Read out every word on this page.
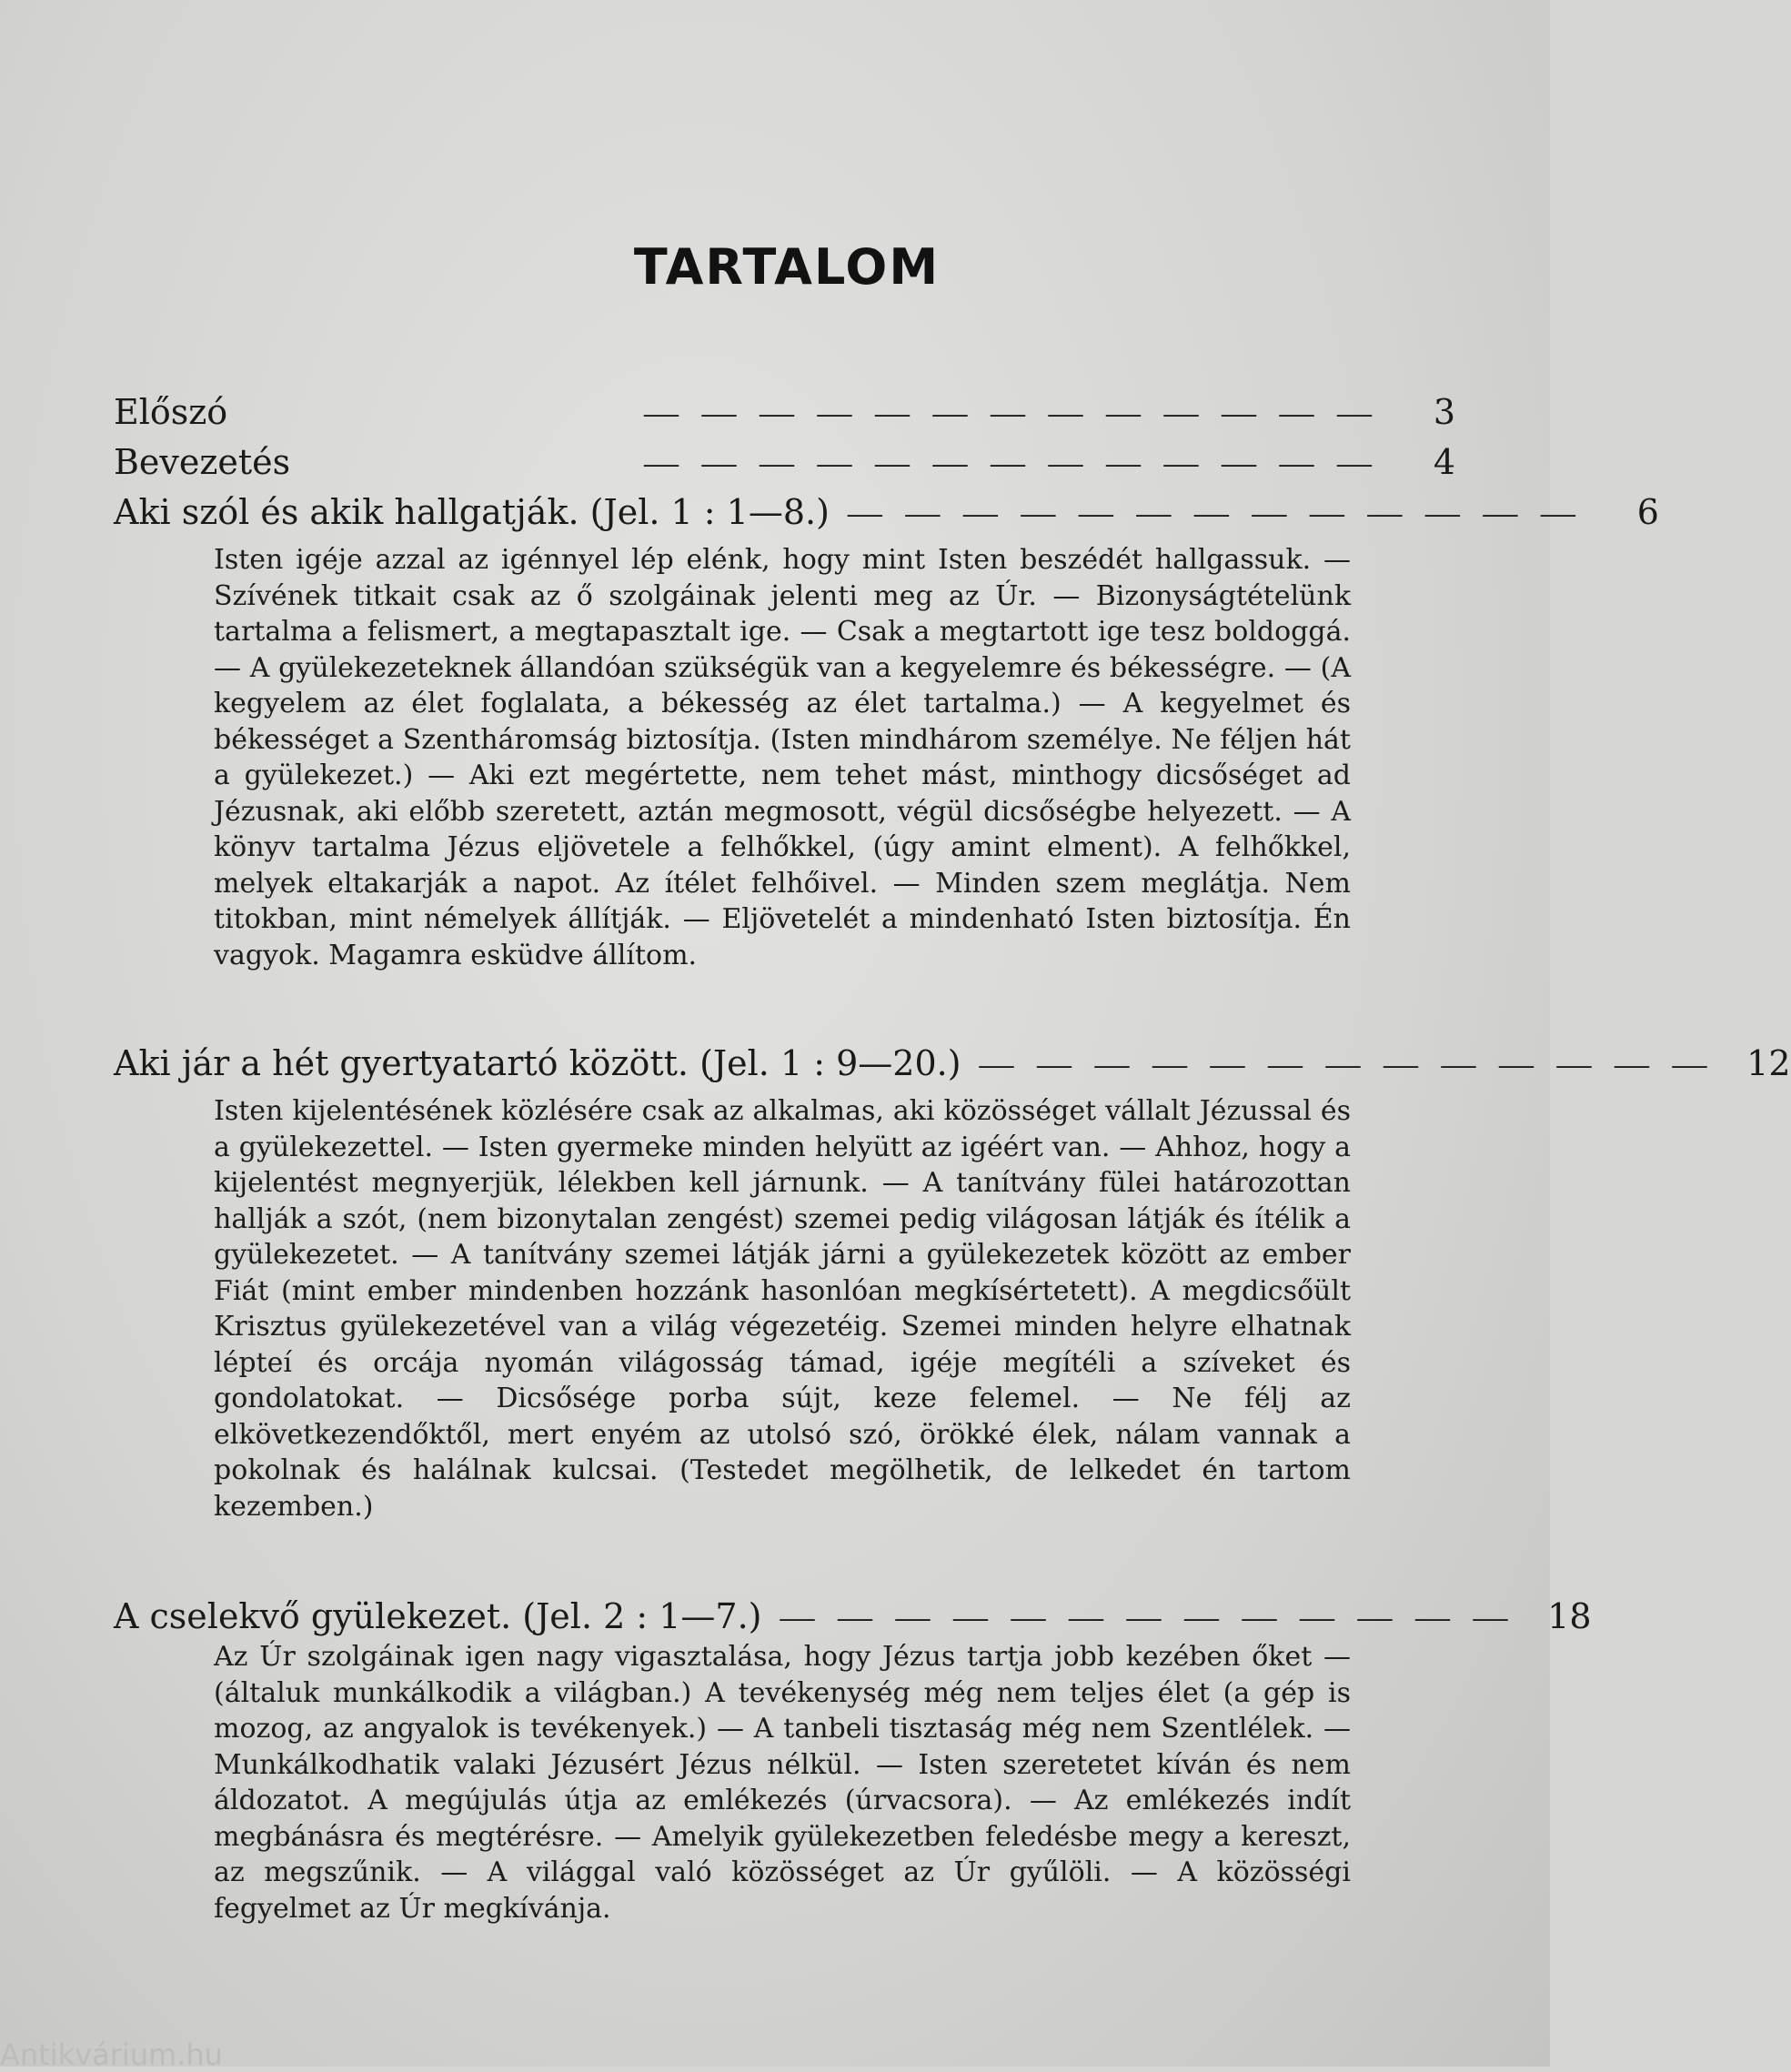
TARTALOM
Előszó	— — — — — — — — — — — — —	3
Bevezetés	— — — — — — — — — — — — —	4
Aki szól és akik hallgatják. (Jel. 1 : 1—8.) — — — — — — — — — — — — —	6
Isten igéje azzal az igénnyel lép elénk, hogy mint Isten beszédét hallgassuk. — Szívének titkait csak az ő szolgáinak jelenti meg az Úr. — Bizonyságtételünk tartalma a felismert, a megtapasztalt ige. — Csak a megtartott ige tesz boldoggá. — A gyülekezeteknek állandóan szükségük van a kegyelemre és békességre. — (A kegyelem az élet foglalata, a békesség az élet tartalma.) — A kegyelmet és békességet a Szentháromság biztosítja. (Isten mindhárom személye. Ne féljen hát a gyülekezet.) — Aki ezt megértette, nem tehet mást, minthogy dicsőséget ad Jézusnak, aki előbb szeretett, aztán megmosott, végül dicsőségbe helyezett. — A könyv tartalma Jézus eljövetele a felhőkkel, (úgy amint elment). A felhőkkel, melyek eltakarják a napot. Az ítélet felhőivel. — Minden szem meglátja. Nem titokban, mint némelyek állítják. — Eljövetelét a mindenható Isten biztosítja. Én vagyok. Magamra esküdve állítom.
Aki jár a hét gyertyatartó között. (Jel. 1 : 9—20.) — — — — — — — — — — — — — 12
Isten kijelentésének közlésére csak az alkalmas, aki közösséget vállalt Jézussal és a gyülekezettel. — Isten gyermeke minden helyütt az igéért van. — Ahhoz, hogy a kijelentést megnyerjük, lélekben kell járnunk. — A tanítvány fülei határozottan hallják a szót, (nem bizonytalan zengést) szemei pedig világosan látják és ítélik a gyülekezetet. — A tanítvány szemei látják járni a gyülekezetek között az ember Fiát (mint ember mindenben hozzánk hasonlóan megkísértetett). A megdicsőült Krisztus gyülekezetével van a világ végezetéig. Szemei minden helyre elhatnak lépteí és orcája nyomán világosság támad, igéje megítéli a szíveket és gondolatokat. — Dicsősége porba sújt, keze felemel. — Ne félj az elkövetkezendőktől, mert enyém az utolsó szó, örökké élek, nálam vannak a pokolnak és halálnak kulcsai. (Testedet megölhetik, de lelkedet én tartom kezemben.)
A cselekvő gyülekezet. (Jel. 2 : 1—7.) — — — — — — — — — — — — — 18
Az Úr szolgáinak igen nagy vigasztalása, hogy Jézus tartja jobb kezében őket — (általuk munkálkodik a világban.) A tevékenység még nem teljes élet (a gép is mozog, az angyalok is tevékenyek.) — A tanbeli tisztaság még nem Szentlélek. — Munkálkodhatik valaki Jézusért Jézus nélkül. — Isten szeretetet kíván és nem áldozatot. A megújulás útja az emlékezés (úrvacsora). — Az emlékezés indít megbánásra és megtérésre. — Amelyik gyülekezetben feledésbe megy a kereszt, az megszűnik. — A világgal való közösséget az Úr gyűlöli. — A közösségi fegyelmet az Úr megkívánja.
Antikvárium.hu
